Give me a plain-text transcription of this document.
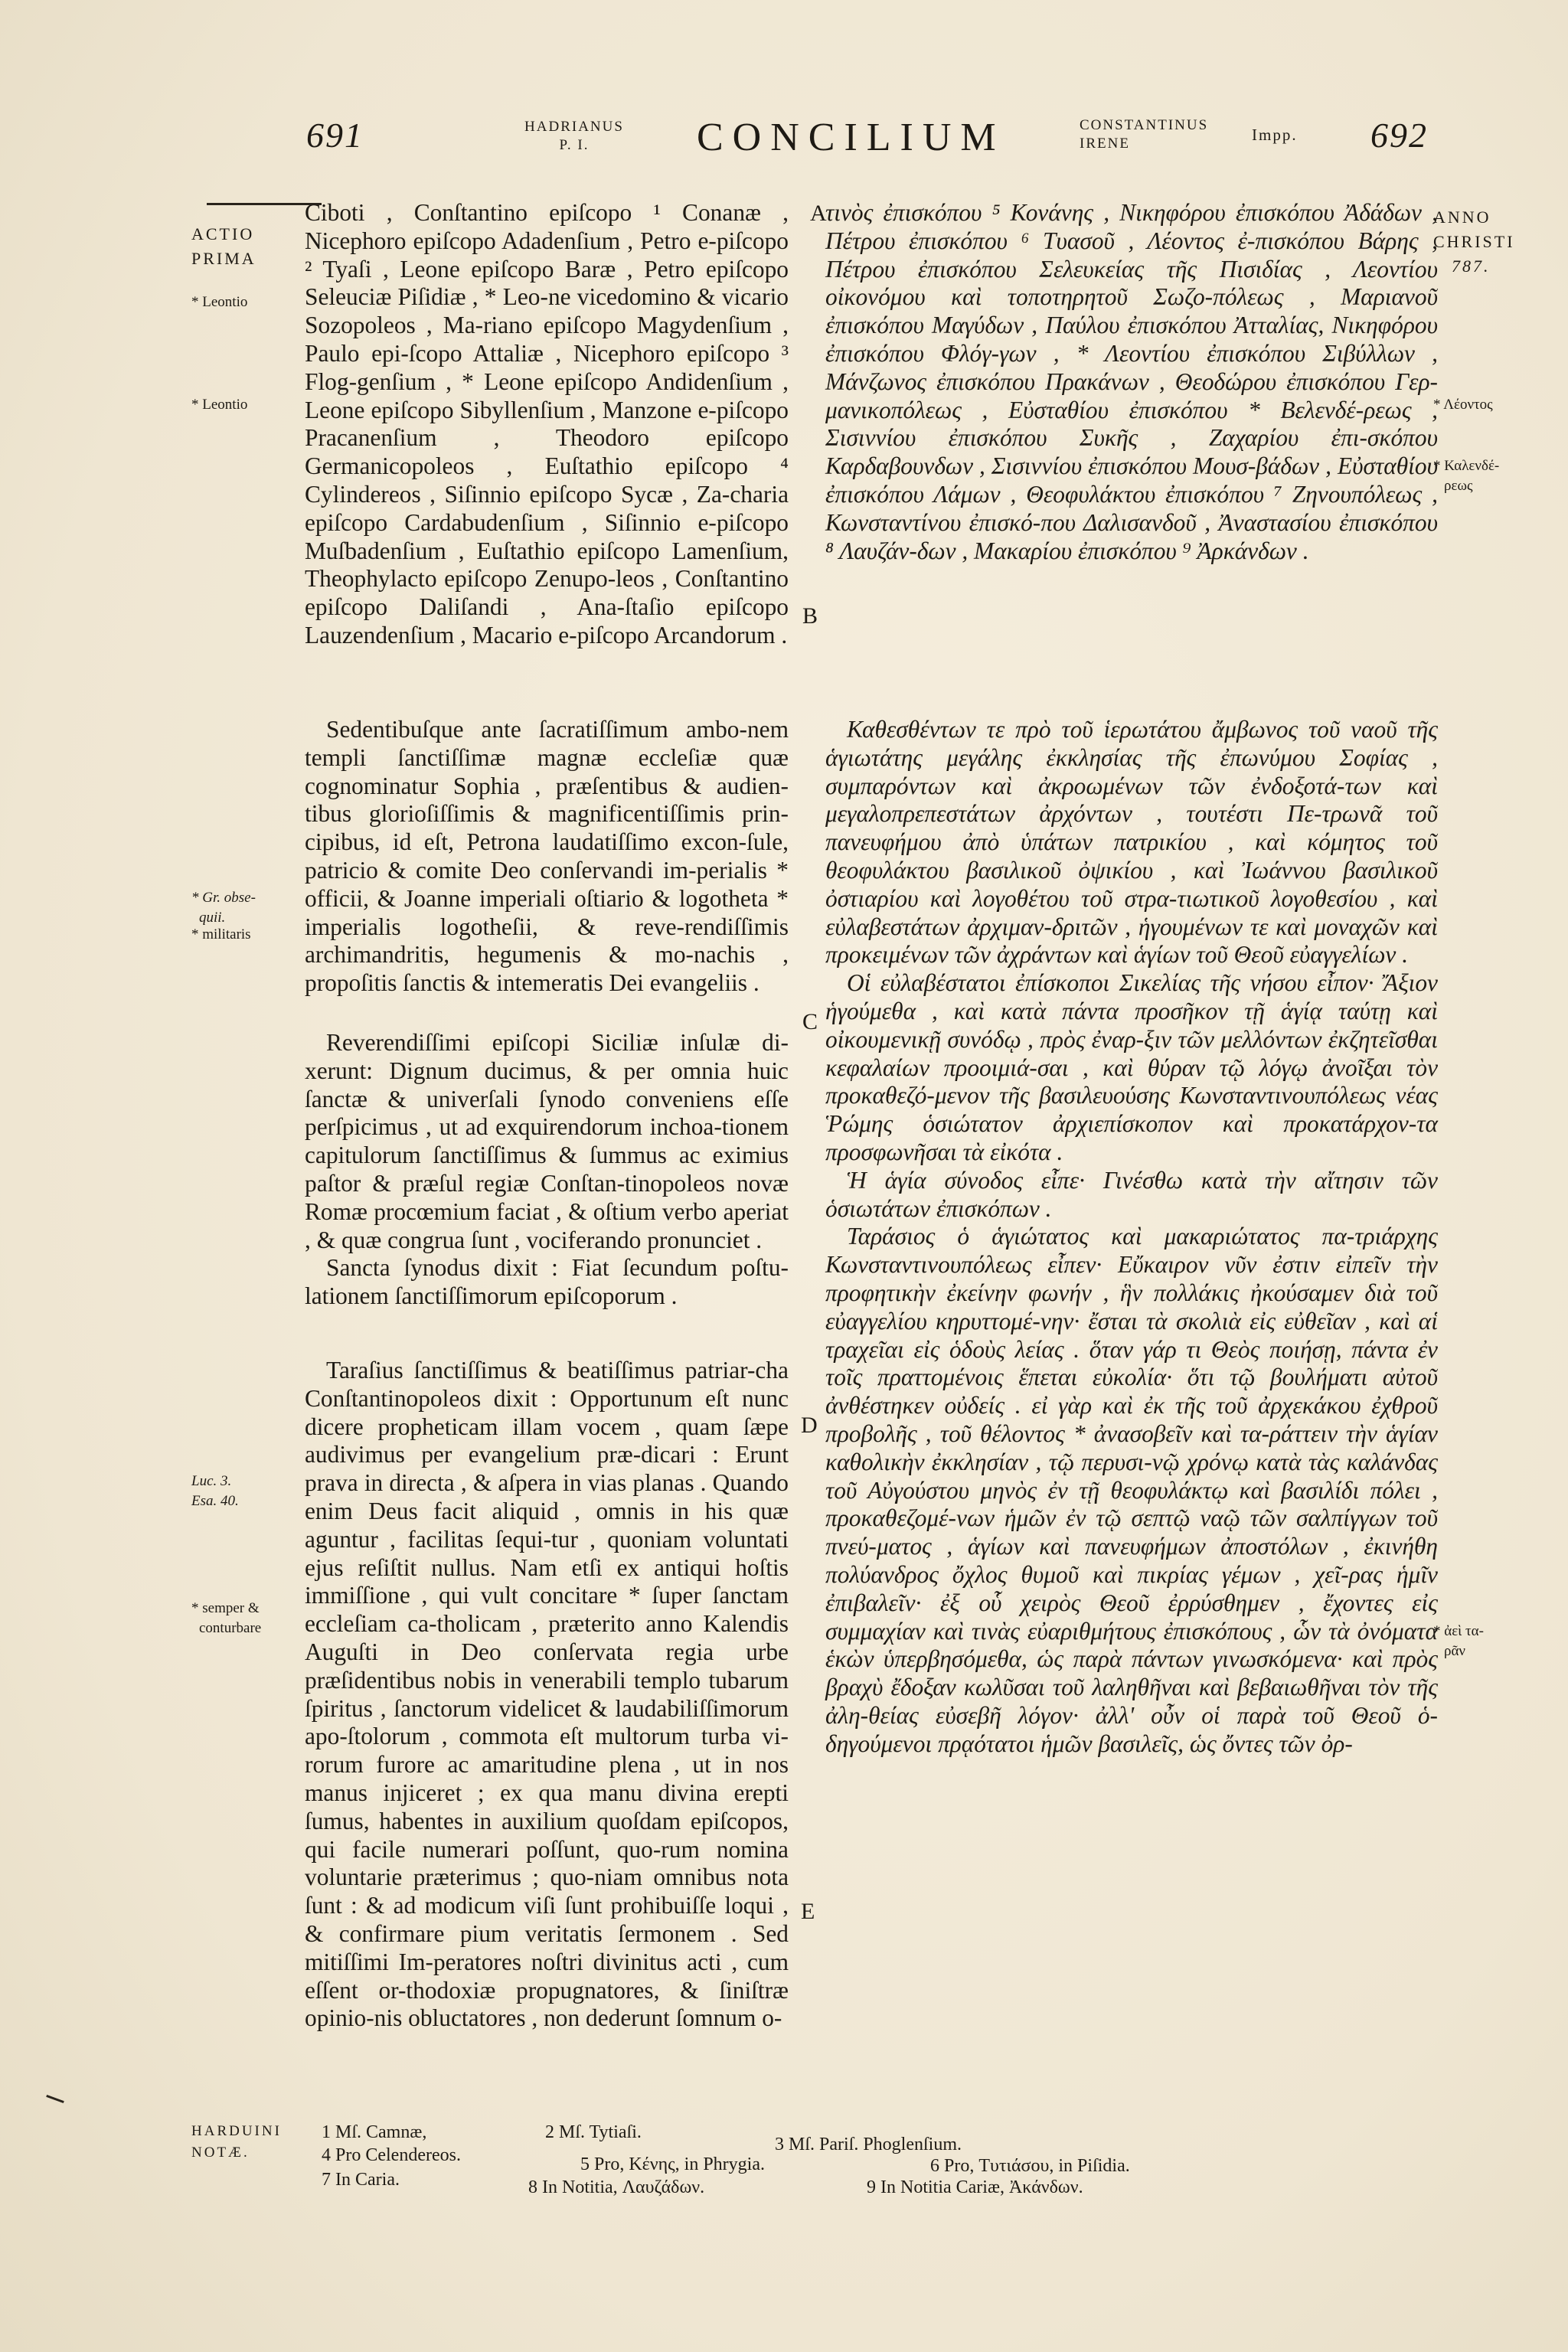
691	HADRIANUS
P. I.	CONCILIUM	CONSTANTINUS
IRENE	Impp. 692
ACTIO
PRIMA
* Leontio
* Leontio
* Gr. obse-
quii.
* militaris
Luc. 3.
Esa. 40.
* semper &
conturbare
ANNO
CHRISTI
787.
* Λέοντος
* Καλενδέ-
ρεως
* ἀεὶ τα-
ρᾶν
A
B
C
D
E

Ciboti , Conſtantino epiſcopo ¹ Conanæ , Nicephoro epiſcopo Adadenſium , Petro e-piſcopo ² Tyaſi , Leone epiſcopo Baræ , Petro epiſcopo Seleuciæ Piſidiæ , * Leo-ne vicedomino & vicario Sozopoleos , Ma-riano epiſcopo Magydenſium , Paulo epi-ſcopo Attaliæ , Nicephoro epiſcopo ³ Flog-genſium , * Leone epiſcopo Andidenſium , Leone epiſcopo Sibyllenſium , Manzone e-piſcopo Pracanenſium , Theodoro epiſcopo Germanicopoleos , Euſtathio epiſcopo ⁴ Cylindereos , Siſinnio epiſcopo Sycæ , Za-charia epiſcopo Cardabudenſium , Siſinnio e-piſcopo Muſbadenſium , Euſtathio epiſcopo Lamenſium, Theophylacto epiſcopo Zenupo-leos , Conſtantino epiſcopo Daliſandi , Ana-ſtaſio epiſcopo Lauzendenſium , Macario e-piſcopo Arcandorum .

Sedentibuſque ante ſacratiſſimum ambo-nem templi ſanctiſſimæ magnæ eccleſiæ quæ cognominatur Sophia , præſentibus & audien-tibus glorioſiſſimis & magnificentiſſimis prin-cipibus, id eſt, Petrona laudatiſſimo excon-ſule, patricio & comite Deo conſervandi im-perialis * officii, & Joanne imperiali oſtiario & logotheta * imperialis logotheſii, & reve-rendiſſimis archimandritis, hegumenis & mo-nachis , propoſitis ſanctis & intemeratis Dei evangeliis .

Reverendiſſimi epiſcopi Siciliæ inſulæ di-xerunt: Dignum ducimus, & per omnia huic ſanctæ & univerſali ſynodo conveniens eſſe perſpicimus , ut ad exquirendorum inchoa-tionem capitulorum ſanctiſſimus & ſummus ac eximius paſtor & præſul regiæ Conſtan-tinopoleos novæ Romæ procœmium faciat , & oſtium verbo aperiat , & quæ congrua ſunt , vociferando pronunciet .

Sancta ſynodus dixit : Fiat ſecundum poſtu-lationem ſanctiſſimorum epiſcoporum .

Taraſius ſanctiſſimus & beatiſſimus patriar-cha Conſtantinopoleos dixit : Opportunum eſt nunc dicere propheticam illam vocem , quam ſæpe audivimus per evangelium præ-dicari : Erunt prava in directa , & aſpera in vias planas . Quando enim Deus facit aliquid , omnis in his quæ aguntur , facilitas ſequi-tur , quoniam voluntati ejus reſiſtit nullus. Nam etſi ex antiqui hoſtis immiſſione , qui vult concitare * ſuper ſanctam eccleſiam ca-tholicam , præterito anno Kalendis Auguſti in Deo conſervata regia urbe præſidentibus nobis in venerabili templo tubarum ſpiritus , ſanctorum videlicet & laudabiliſſimorum apo-ſtolorum , commota eſt multorum turba vi-rorum furore ac amaritudine plena , ut in nos manus injiceret ; ex qua manu divina erepti ſumus, habentes in auxilium quoſdam epiſcopos, qui facile numerari poſſunt, quo-rum nomina voluntarie præterimus ; quo-niam omnibus nota ſunt : & ad modicum viſi ſunt prohibuiſſe loqui , & confirmare pium veritatis ſermonem . Sed mitiſſimi Im-peratores noſtri divinitus acti , cum eſſent or-thodoxiæ propugnatores, & ſiniſtræ opinio-nis obluctatores , non dederunt ſomnum o-

τινὸς ἐπισκόπου ⁵ Κονάνης , Νικηφόρου ἐπισκόπου Ἀδάδων , Πέτρου ἐπισκόπου ⁶ Τυασοῦ , Λέοντος ἐ-πισκόπου Βάρης , Πέτρου ἐπισκόπου Σελευκείας τῆς Πισιδίας , Λεοντίου οἰκονόμου καὶ τοποτηρητοῦ Σωζο-πόλεως , Μαριανοῦ ἐπισκόπου Μαγύδων , Παύλου ἐπισκόπου Ἀτταλίας, Νικηφόρου ἐπισκόπου Φλόγ-γων , * Λεοντίου ἐπισκόπου Σιβύλλων , Μάνζωνος ἐπισκόπου Πρακάνων , Θεοδώρου ἐπισκόπου Γερ-μανικοπόλεως , Εὐσταθίου ἐπισκόπου * Βελενδέ-ρεως , Σισιννίου ἐπισκόπου Συκῆς , Ζαχαρίου ἐπι-σκόπου Καρδαβουνδων , Σισιννίου ἐπισκόπου Μουσ-βάδων , Εὐσταθίου ἐπισκόπου Λάμων , Θεοφυλάκτου ἐπισκόπου ⁷ Ζηνουπόλεως , Κωνσταντίνου ἐπισκό-που Δαλισανδοῦ , Ἀναστασίου ἐπισκόπου ⁸ Λαυζάν-δων , Μακαρίου ἐπισκόπου ⁹ Ἀρκάνδων .

Καθεσθέντων τε πρὸ τοῦ ἱερωτάτου ἄμβωνος τοῦ ναοῦ τῆς ἁγιωτάτης μεγάλης ἐκκλησίας τῆς ἐπωνύμου Σοφίας , συμπαρόντων καὶ ἀκροωμένων τῶν ἐνδοξοτά-των καὶ μεγαλοπρεπεστάτων ἀρχόντων , τουτέστι Πε-τρωνᾶ τοῦ πανευφήμου ἀπὸ ὑπάτων πατρικίου , καὶ κόμητος τοῦ θεοφυλάκτου βασιλικοῦ ὀψικίου , καὶ Ἰωάννου βασιλικοῦ ὀστιαρίου καὶ λογοθέτου τοῦ στρα-τιωτικοῦ λογοθεσίου , καὶ εὐλαβεστάτων ἀρχιμαν-δριτῶν , ἡγουμένων τε καὶ μοναχῶν καὶ προκειμένων τῶν ἀχράντων καὶ ἁγίων τοῦ Θεοῦ εὐαγγελίων .

Οἱ εὐλαβέστατοι ἐπίσκοποι Σικελίας τῆς νήσου εἶπον· Ἄξιον ἡγούμεθα , καὶ κατὰ πάντα προσῆκον τῇ ἁγίᾳ ταύτῃ καὶ οἰκουμενικῇ συνόδῳ , πρὸς ἐναρ-ξιν τῶν μελλόντων ἐκζητεῖσθαι κεφαλαίων προοιμιά-σαι , καὶ θύραν τῷ λόγῳ ἀνοῖξαι τὸν προκαθεζό-μενον τῆς βασιλευούσης Κωνσταντινουπόλεως νέας Ῥώμης ὁσιώτατον ἀρχιεπίσκοπον καὶ προκατάρχον-τα προσφωνῆσαι τὰ εἰκότα .

Ἡ ἁγία σύνοδος εἶπε· Γινέσθω κατὰ τὴν αἴτησιν τῶν ὁσιωτάτων ἐπισκόπων .

Ταράσιος ὁ ἁγιώτατος καὶ μακαριώτατος πα-τριάρχης Κωνσταντινουπόλεως εἶπεν· Εὔκαιρον νῦν ἐστιν εἰπεῖν τὴν προφητικὴν ἐκείνην φωνήν , ἣν πολλάκις ἠκούσαμεν διὰ τοῦ εὐαγγελίου κηρυττομέ-νην· ἔσται τὰ σκολιὰ εἰς εὐθεῖαν , καὶ αἱ τραχεῖαι εἰς ὁδοὺς λείας . ὅταν γάρ τι Θεὸς ποιήσῃ, πάντα ἐν τοῖς πραττομένοις ἕπεται εὐκολία· ὅτι τῷ βουλήματι αὐτοῦ ἀνθέστηκεν οὐδείς . εἰ γὰρ καὶ ἐκ τῆς τοῦ ἀρχεκάκου ἐχθροῦ προβολῆς , τοῦ θέλοντος * ἀνασοβεῖν καὶ τα-ράττειν τὴν ἁγίαν καθολικὴν ἐκκλησίαν , τῷ περυσι-νῷ χρόνῳ κατὰ τὰς καλάνδας τοῦ Αὐγούστου μηνὸς ἐν τῇ θεοφυλάκτῳ καὶ βασιλίδι πόλει , προκαθεζομέ-νων ἡμῶν ἐν τῷ σεπτῷ ναῷ τῶν σαλπίγγων τοῦ πνεύ-ματος , ἁγίων καὶ πανευφήμων ἀποστόλων , ἐκινήθη πολύανδρος ὄχλος θυμοῦ καὶ πικρίας γέμων , χεῖ-ρας ἡμῖν ἐπιβαλεῖν· ἐξ οὗ χειρὸς Θεοῦ ἐρρύσθημεν , ἔχοντες εἰς συμμαχίαν καὶ τινὰς εὐαριθμήτους ἐπισκόπους , ὧν τὰ ὀνόματα ἑκὼν ὑπερβησόμεθα, ὡς παρὰ πάντων γινωσκόμενα· καὶ πρὸς βραχὺ ἔδοξαν κωλῦσαι τοῦ λαληθῆναι καὶ βεβαιωθῆναι τὸν τῆς ἀλη-θείας εὐσεβῆ λόγον· ἀλλ' οὖν οἱ παρὰ τοῦ Θεοῦ ὁ-δηγούμενοι πρᾳότατοι ἡμῶν βασιλεῖς, ὡς ὄντες τῶν ὀρ-

HARDUINI
NOTÆ.
1 Mſ. Camnæ,	2 Mſ. Tytiaſi.
3 Mſ. Pariſ. Phoglenſium.
4 Pro Celendereos.	5 Pro, Κένης, in Phrygia.	6 Pro, Τυτιάσου, in Piſidia.
7 In Caria.	8 In Notitia, Λαυζάδων.	9 In Notitia Cariæ, Ἀκάνδων.
